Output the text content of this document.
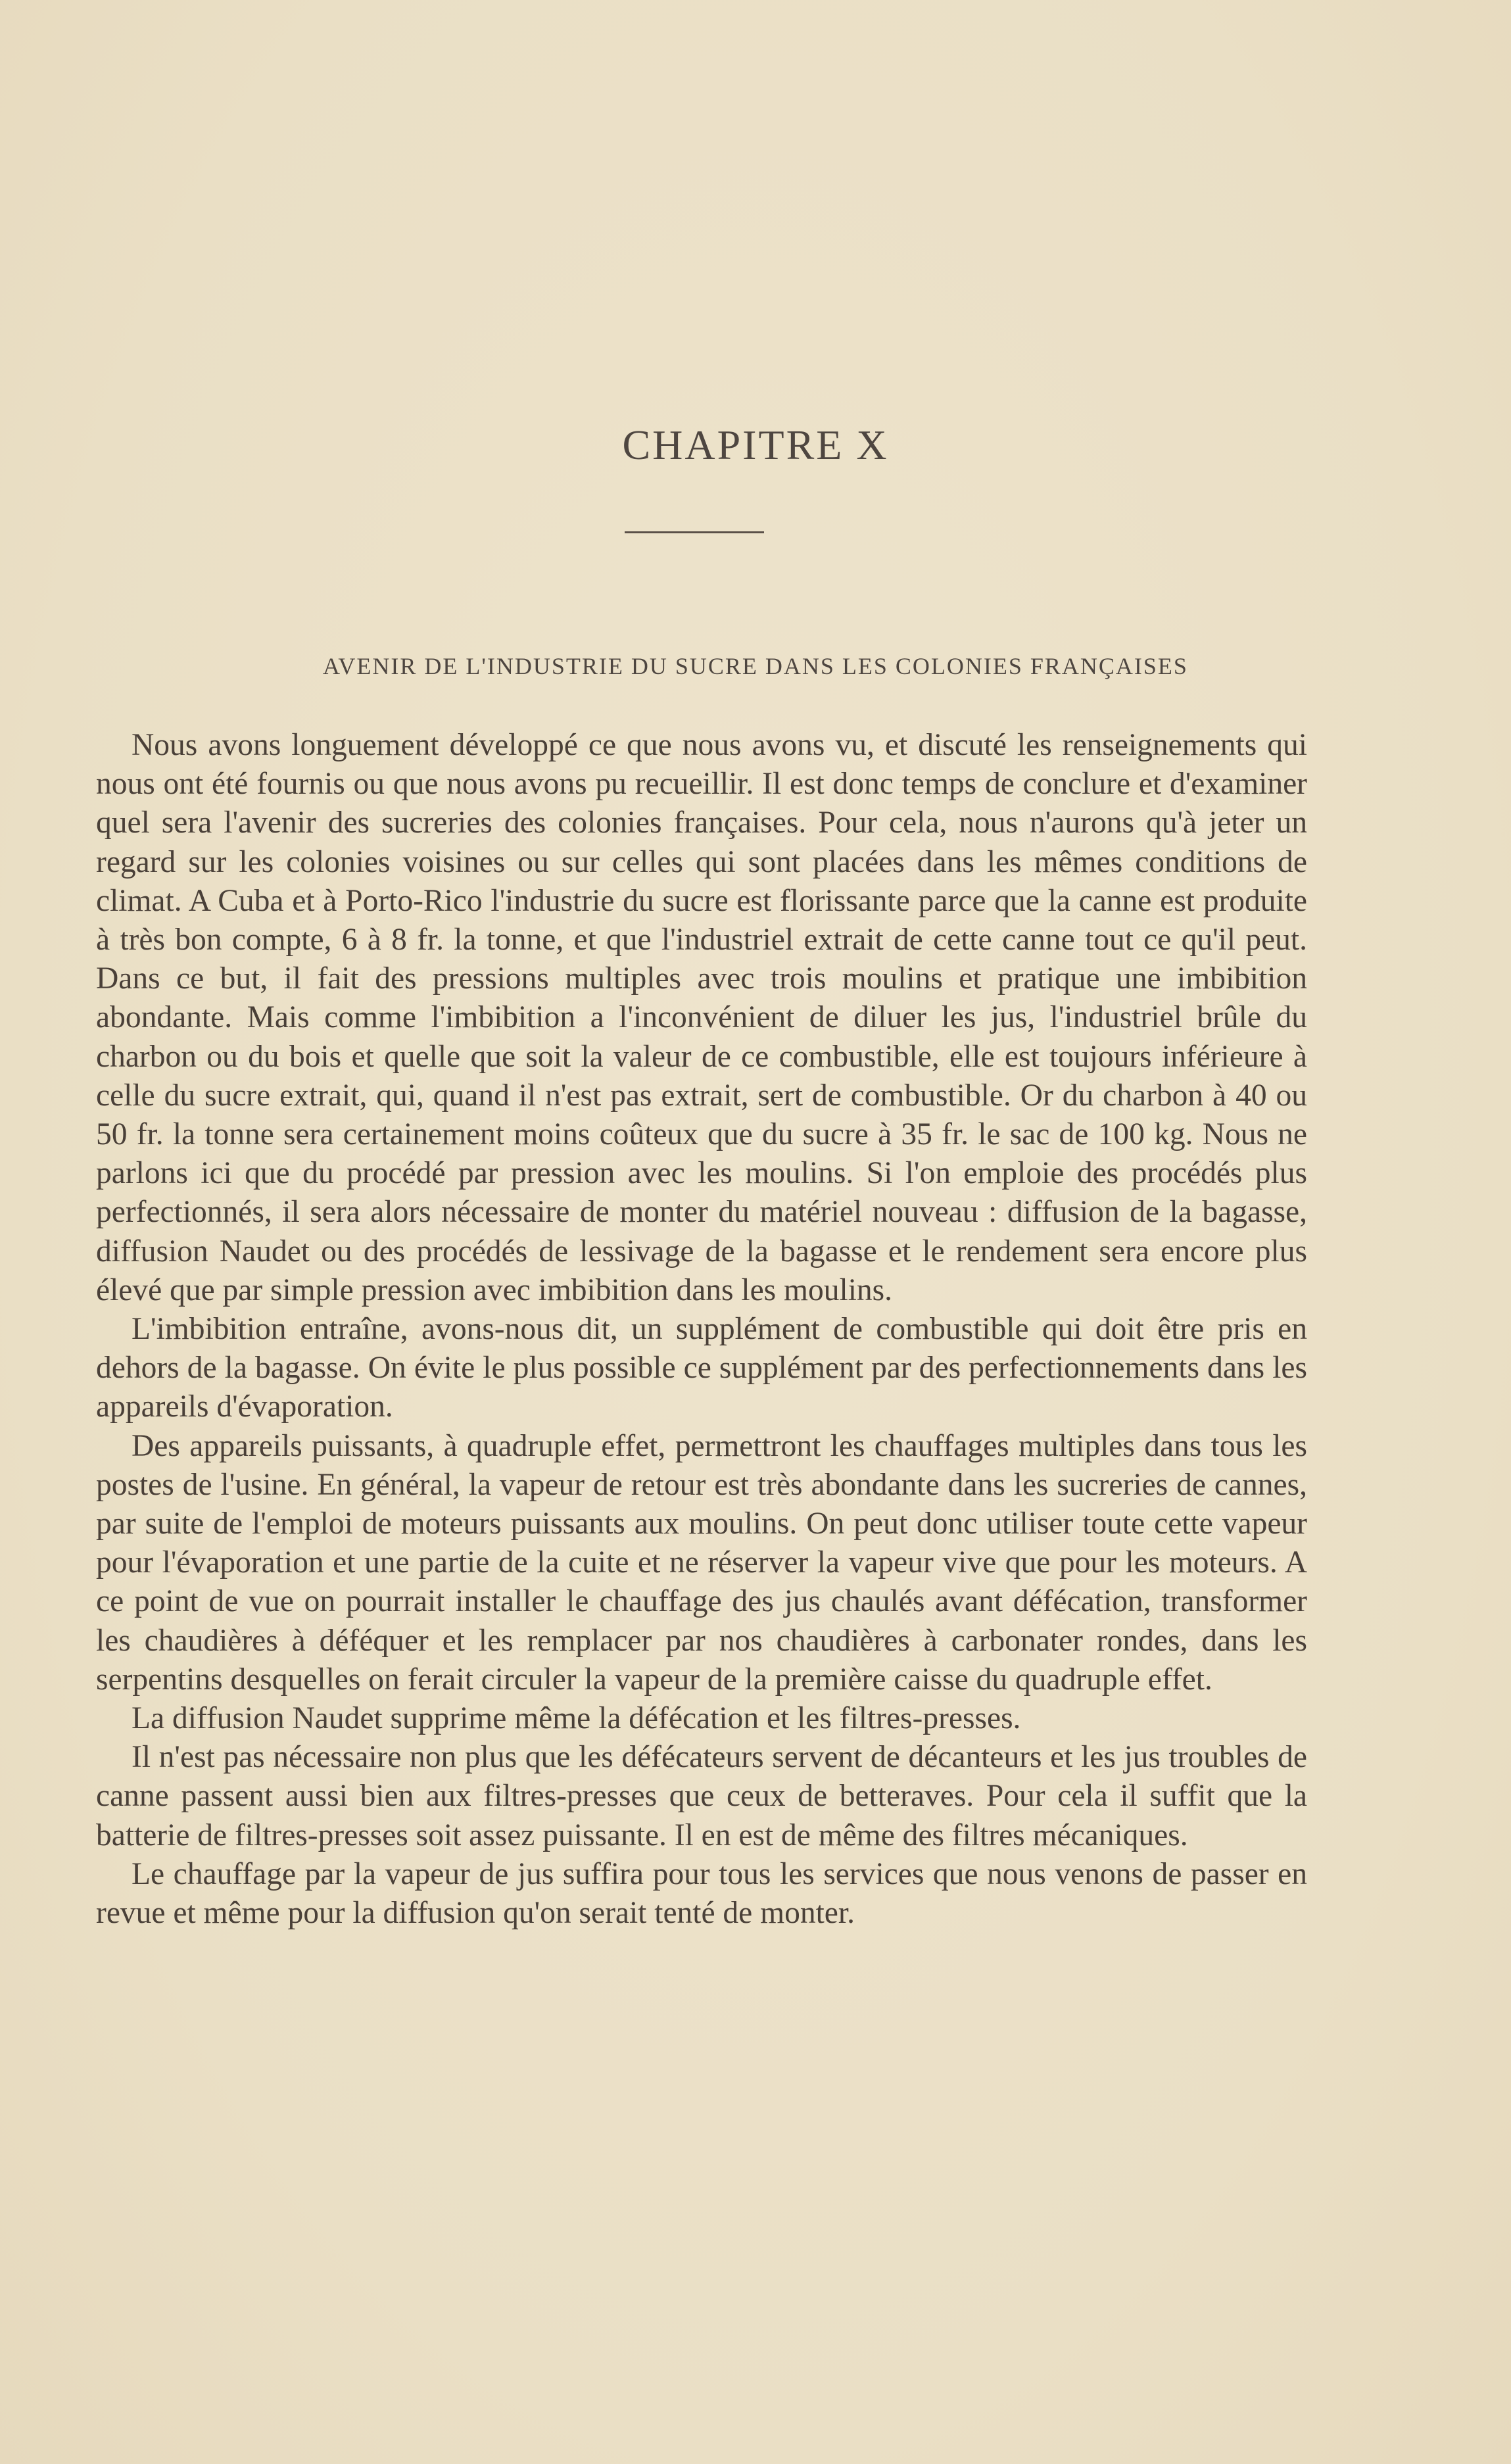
CHAPITRE X
AVENIR DE L'INDUSTRIE DU SUCRE DANS LES COLONIES FRANÇAISES

Nous avons longuement développé ce que nous avons vu, et discuté les renseignements qui nous ont été fournis ou que nous avons pu recueillir. Il est donc temps de conclure et d'examiner quel sera l'avenir des sucreries des colonies françaises. Pour cela, nous n'aurons qu'à jeter un regard sur les colonies voisines ou sur celles qui sont placées dans les mêmes conditions de climat. A Cuba et à Porto-Rico l'industrie du sucre est florissante parce que la canne est produite à très bon compte, 6 à 8 fr. la tonne, et que l'industriel extrait de cette canne tout ce qu'il peut. Dans ce but, il fait des pressions multiples avec trois moulins et pratique une imbibition abondante. Mais comme l'imbibition a l'inconvénient de diluer les jus, l'industriel brûle du charbon ou du bois et quelle que soit la valeur de ce combustible, elle est toujours inférieure à celle du sucre extrait, qui, quand il n'est pas extrait, sert de combustible. Or du charbon à 40 ou 50 fr. la tonne sera certainement moins coûteux que du sucre à 35 fr. le sac de 100 kg. Nous ne parlons ici que du procédé par pression avec les moulins. Si l'on emploie des procédés plus perfectionnés, il sera alors nécessaire de monter du matériel nouveau : diffusion de la bagasse, diffusion Naudet ou des procédés de lessivage de la bagasse et le rendement sera encore plus élevé que par simple pression avec imbibition dans les moulins.

L'imbibition entraîne, avons-nous dit, un supplément de combustible qui doit être pris en dehors de la bagasse. On évite le plus possible ce supplément par des perfectionnements dans les appareils d'évaporation.

Des appareils puissants, à quadruple effet, permettront les chauffages multiples dans tous les postes de l'usine. En général, la vapeur de retour est très abondante dans les sucreries de cannes, par suite de l'emploi de moteurs puissants aux moulins. On peut donc utiliser toute cette vapeur pour l'évaporation et une partie de la cuite et ne réserver la vapeur vive que pour les moteurs. A ce point de vue on pourrait installer le chauffage des jus chaulés avant défécation, transformer les chaudières à déféquer et les remplacer par nos chaudières à carbonater rondes, dans les serpentins desquelles on ferait circuler la vapeur de la première caisse du quadruple effet.

La diffusion Naudet supprime même la défécation et les filtres-presses.

Il n'est pas nécessaire non plus que les défécateurs servent de décanteurs et les jus troubles de canne passent aussi bien aux filtres-presses que ceux de betteraves. Pour cela il suffit que la batterie de filtres-presses soit assez puissante. Il en est de même des filtres mécaniques.

Le chauffage par la vapeur de jus suffira pour tous les services que nous venons de passer en revue et même pour la diffusion qu'on serait tenté de monter.
